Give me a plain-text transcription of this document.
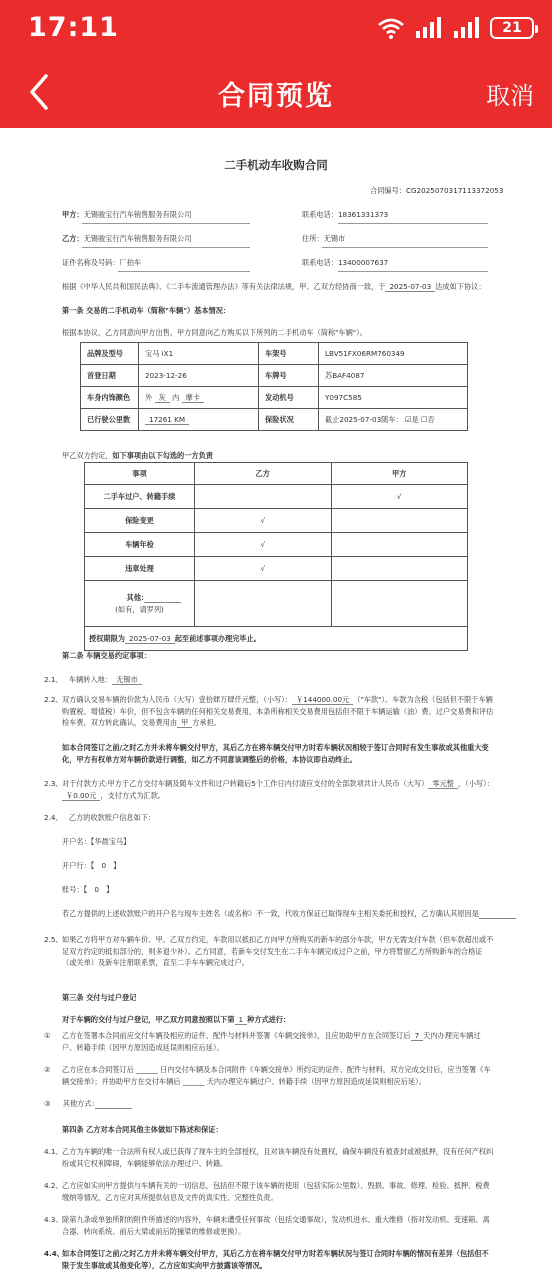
17:11	21
合同预览	取消
二手机动车收购合同
合同编号：CG20250703171133720​53
甲方：无锡骏宝行汽车销售服务有限公司	联系电话：18361331373
乙方：无锡骏宝行汽车销售服务有限公司	住所：无锡市
证件名称及号码：厂拍车	联系电话：13400007637
根据《中华人民共和国民法典》、《二手车流通管理办法》等有关法律法规，甲、乙双方经协商一致，于 2025-07-03 达成如下协议：
第一条 交易的二手机动车（简称"车辆"）基本情况：
根据本协议，乙方同意向甲方出售，甲方同意向乙方购买以下所列的二手机动车（简称"车辆"）。
品牌及型号	宝马 iX1	车架号	LBV51FX06RM760349
首登日期	2023-12-26	车牌号	苏BAF4087
车身内饰颜色	外 灰 内 摩卡	发动机号	Y097C585
已行驶公里数	17261 KM	保险状况	截止2025-07-03随车： ☑是 ☐否
甲乙双方约定，如下事项由以下勾选的一方负责
事项	乙方	甲方
二手车过户、转籍手续		√
保险变更	√	
车辆年检	√	
违章处理	√	

其他：　　　　
(如有，请罗列)		

授权期限为 2025-07-03 起至前述事项办理完毕止。		
第二条 车辆交易约定事项：
2.1、 车辆转入地： 无锡市
2.2、 双方确认交易车辆的价款为人民币（大写）壹拾肆万肆仟元整，（小写）： ￥144000.00元 （"车款"）。车款为含税（包括但不限于车辆购置税、增值税）车价，但不包含车辆的任何相关交易费用，本条所称相关交易费用包括但不限于车辆运输（油）费、过户交易费和评估检车费，双方转此确认，交易费用由 甲 方承担。
如本合同签订之前/之时乙方并未将车辆交付甲方，其后乙方在将车辆交付甲方时若车辆状况相较于签订合同时有发生事故或其他重大变化，甲方有权单方对车辆价款进行调整，如乙方不同意该调整后的价格，本协议即自动终止。
2.3、 对于付款方式:甲方于乙方交付车辆及随车文件和过户转籍后5个工作日内付清应支付的全部款项共计人民币（大写） 零元整 ，（小写）：￥0.00元 ，支付方式为汇款。
2.4、 乙方的收款账户信息如下：
开户名：【华晨宝马】
开户行：【　0　】
账号：【　0　】
若乙方提供的上述收款账户的开户名与现车主姓名（或名称）不一致，代收方保证已取得现车主相关委托和授权，乙方确认其原因是　　　　
2.5、 如果乙方将甲方对车辆车价、甲、乙双方约定，车款用以抵扣乙方向甲方所购买的新车的部分车款，甲方无需支付车款（但车款超出或不足双方约定的抵扣部分的，则多退少补）。乙方同意，若新车交付发生在二手车车辆完成过户之前，甲方将暂留乙方所购新车的合格证（或关单）及新车注册联系票，直至二手车车辆完成过户。
第三条 交付与过户登记
对于车辆的交付与过户登记，甲乙双方同意按照以下第 1 种方式进行：
① 乙方在签署本合同前应交付车辆及相应的证件、配件与材料并签署《车辆交接单》，且应协助甲方在合同签订后 7 天内办理完车辆过户、转籍手续（因甲方原因造成延误则相应后延）。
② 乙方应在本合同签订后 ______ 日内交付车辆及本合同附件《车辆交接单》所约定的证件、配件与材料，双方完成交付后，应当签署《车辆交接单》；并协助甲方在交付车辆后 ______ 天内办理完车辆过户、转籍手续（因甲方原因造成延误则相应后延）。
③ 其他方式：　　　　
第四条 乙方对本合同其他主体做如下陈述和保证：
4.1、 乙方为车辆的唯一合法所有权人或已获得了现车主的全部授权，且对该车辆没有处置权，确保车辆没有被查封或被抵押，没有任何产权纠纷或其它权利障碍，车辆能够依法办理过户、转籍。
4.2、 乙方应如实向甲方提供与车辆有关的一切信息，包括但不限于该车辆的使用（包括实际公里数）、毁损、事故、修理、检验、抵押、税费缴纳等情况，乙方应对其所提供信息及文件的真实性、完整性负责。
4.3、 除第九条或单独所附的附件所描述的内容外，车辆未遭受任何事故（包括交通事故），发动机进水、重大维修（指对发动机、变速箱、离合器、转向系统、前后大梁或前后防撞梁的维修或更换）。
4.4、
如本合同签订之前/之时乙方并未将车辆交付甲方，其后乙方在将车辆交付甲方时若车辆状况与签订合同时车辆的情况有差异（包括但不限于发生事故或其他变化等），乙方应如实向甲方披露该等情况。
